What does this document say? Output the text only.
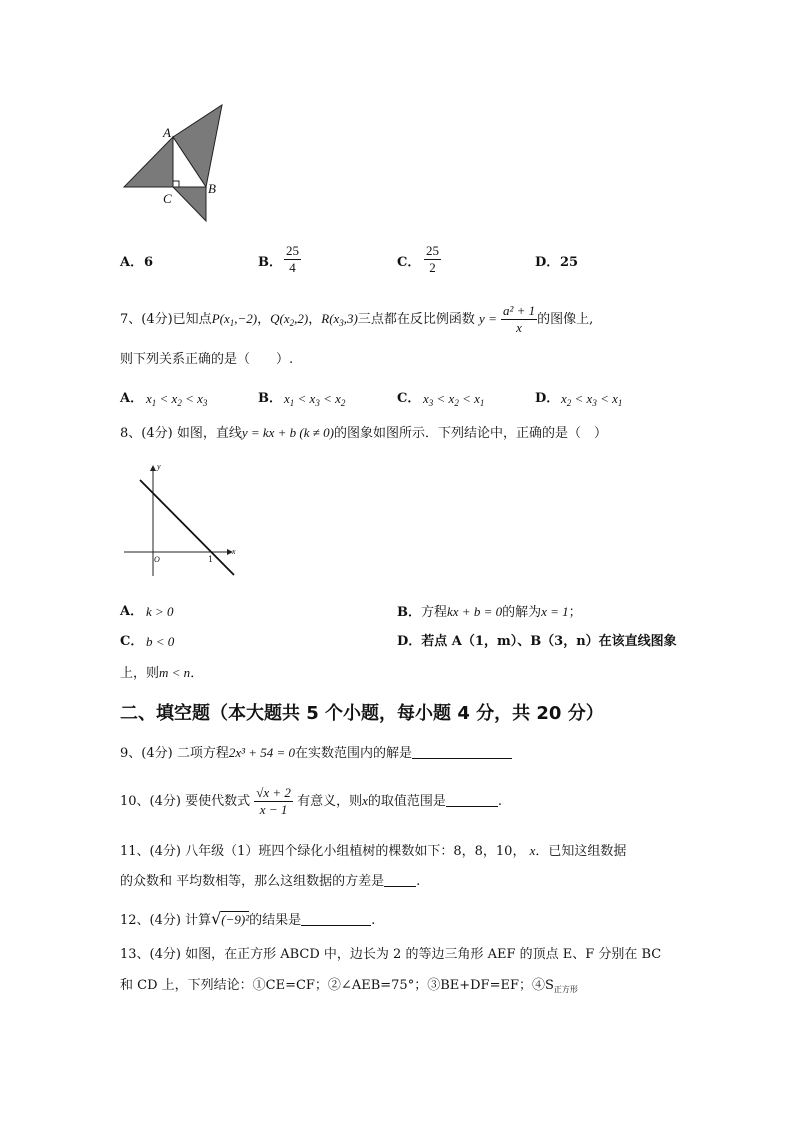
A
B
C
A． 6	B． $\frac{25}{4}$	C． $\frac{25}{2}$	D． 25
7、(4分)已知点$P(x_1,-2)$，$Q(x_2,2)$，$R(x_3,3)$三点都在反比例函数 $y = \frac{\text{a² + 1}}{x}$ 的图像上,
则下列关系正确的是（　　）.
A． $x_1 < x_2 < x_3$	B． $x_1 < x_3 < x_2$	C． $x_3 < x_2 < x_1$	D． $x_2 < x_3 < x_1$
8、(4分) 如图，直线y = kx + b (k ≠ 0)的图象如图所示．下列结论中，正确的是（　）
y
x
O	1
A． k > 0	B．方程kx + b = 0的解为x = 1；
C． b < 0	D．若点 A（1，m）、B（3，n）在该直线图象
上，则m < n．
二、填空题（本大题共 5 个小题，每小题 4 分，共 20 分）
9、(4分) 二项方程2x³ + 54 = 0在实数范围内的解是
10、(4分) 要使代数式 $\frac{√x + 2}{x - 1}$ 有意义，则x的取值范围是	.
11、(4分) 八年级（1）班四个绿化小组植树的棵数如下：8，8，10， x．已知这组数据
的众数和 平均数相等，那么这组数据的方差是 .
12、(4分) 计算√(−9)²的结果是	.
13、(4分) 如图，在正方形 ABCD 中，边长为 2 的等边三角形 AEF 的顶点 E、F 分别在 BC
和 CD 上，下列结论：①CE=CF；②∠AEB=75°；③BE+DF=EF；$④S_{正方形}$
